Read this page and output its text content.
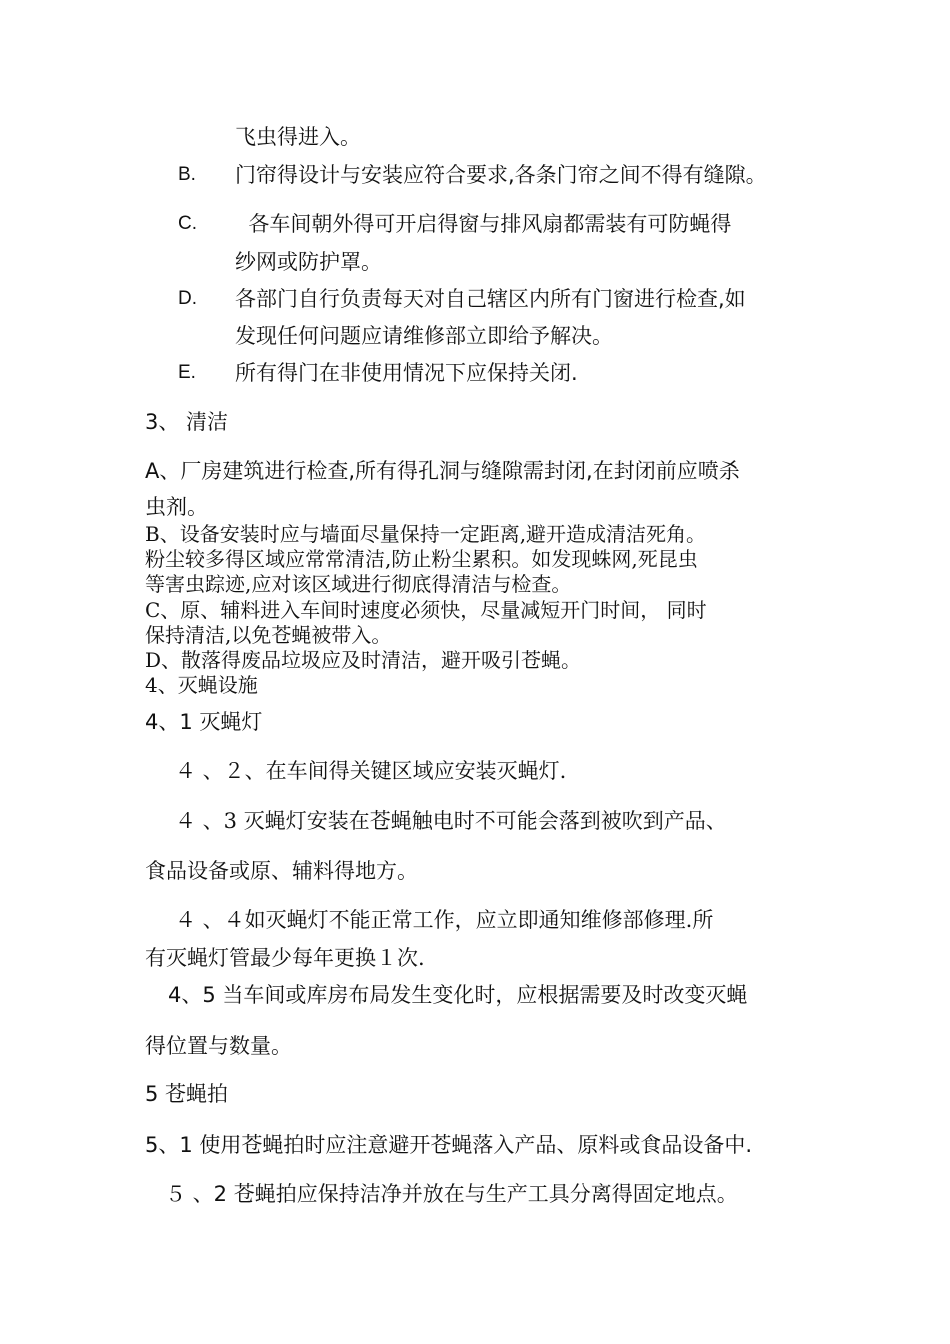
飞虫得进入。
B. 门帘得设计与安装应符合要求,各条门帘之间不得有缝隙。
C. 各车间朝外得可开启得窗与排风扇都需装有可防蝇得
纱网或防护罩。
D. 各部门自行负责每天对自己辖区内所有门窗进行检查,如
发现任何问题应请维修部立即给予解决。
E. 所有得门在非使用情况下应保持关闭.
3、 清洁
A、厂房建筑进行检查,所有得孔洞与缝隙需封闭,在封闭前应喷杀
虫剂。
B、设备安装时应与墙面尽量保持一定距离,避开造成清洁死角。
粉尘较多得区域应常常清洁,防止粉尘累积。如发现蛛网,死昆虫
等害虫踪迹,应对该区域进行彻底得清洁与检查。
C、原、辅料进入车间时速度必须快，尽量减短开门时间， 同时
保持清洁,以免苍蝇被带入。
D、散落得废品垃圾应及时清洁，避开吸引苍蝇。
4、灭蝇设施
4、1 灭蝇灯
４ 、２、在车间得关键区域应安装灭蝇灯.
４ 、3 灭蝇灯安装在苍蝇触电时不可能会落到被吹到产品、
食品设备或原、辅料得地方。
４ 、４如灭蝇灯不能正常工作，应立即通知维修部修理.所
有灭蝇灯管最少每年更换１次.
4、5 当车间或库房布局发生变化时，应根据需要及时改变灭蝇
得位置与数量。
5 苍蝇拍
5、1 使用苍蝇拍时应注意避开苍蝇落入产品、原料或食品设备中.
５ 、2 苍蝇拍应保持洁净并放在与生产工具分离得固定地点。
